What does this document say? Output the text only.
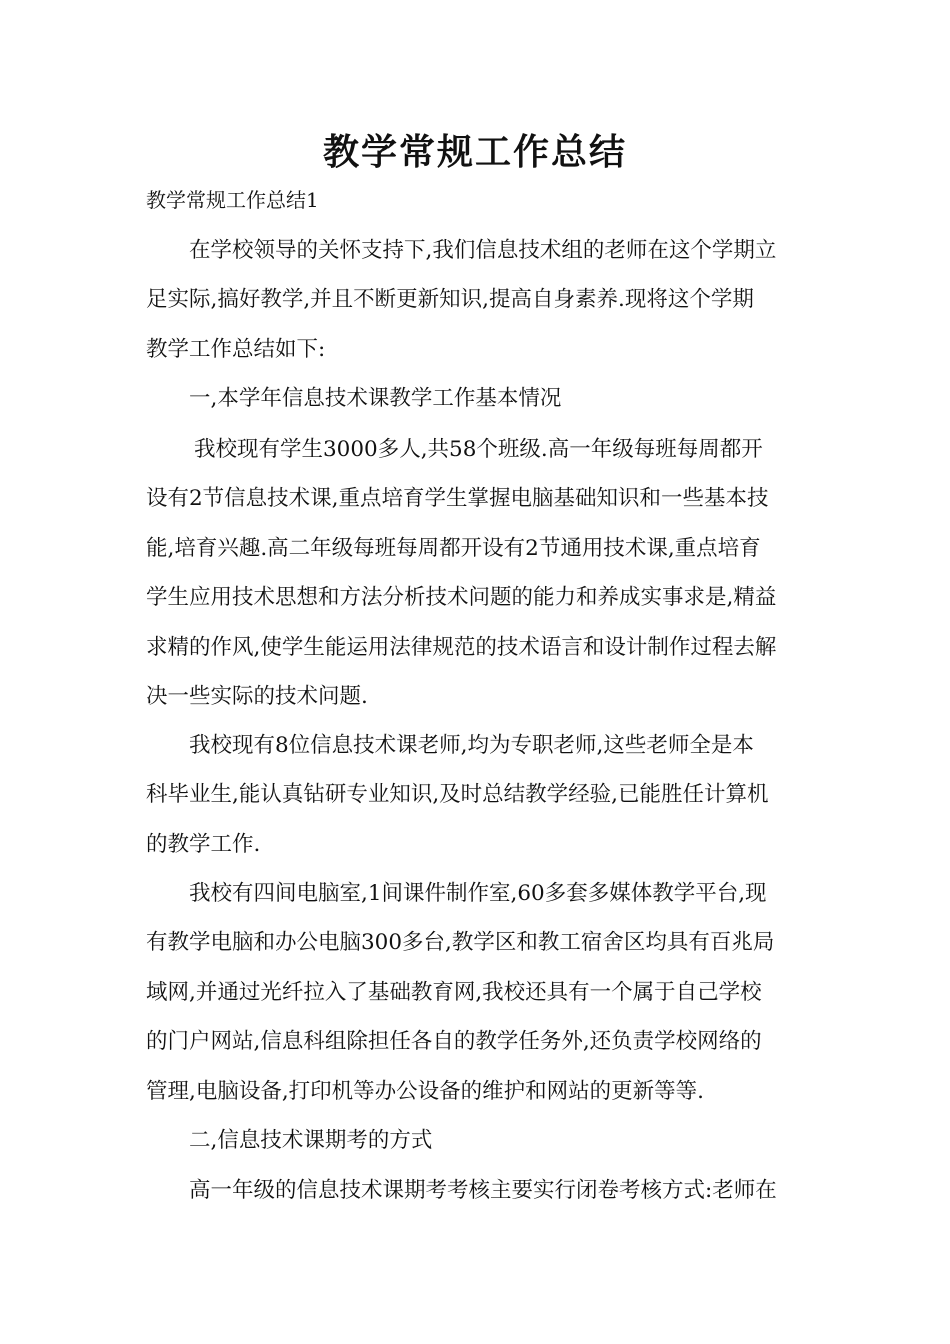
教学常规工作总结
教学常规工作总结1
在学校领导的关怀支持下,我们信息技术组的老师在这个学期立
足实际,搞好教学,并且不断更新知识,提高自身素养.现将这个学期
教学工作总结如下:
一,本学年信息技术课教学工作基本情况
我校现有学生3000多人,共58个班级.高一年级每班每周都开
设有2节信息技术课,重点培育学生掌握电脑基础知识和一些基本技
能,培育兴趣.高二年级每班每周都开设有2节通用技术课,重点培育
学生应用技术思想和方法分析技术问题的能力和养成实事求是,精益
求精的作风,使学生能运用法律规范的技术语言和设计制作过程去解
决一些实际的技术问题.
我校现有8位信息技术课老师,均为专职老师,这些老师全是本
科毕业生,能认真钻研专业知识,及时总结教学经验,已能胜任计算机
的教学工作.
我校有四间电脑室,1间课件制作室,60多套多媒体教学平台,现
有教学电脑和办公电脑300多台,教学区和教工宿舍区均具有百兆局
域网,并通过光纤拉入了基础教育网,我校还具有一个属于自己学校
的门户网站,信息科组除担任各自的教学任务外,还负责学校网络的
管理,电脑设备,打印机等办公设备的维护和网站的更新等等.
二,信息技术课期考的方式
高一年级的信息技术课期考考核主要实行闭卷考核方式:老师在
